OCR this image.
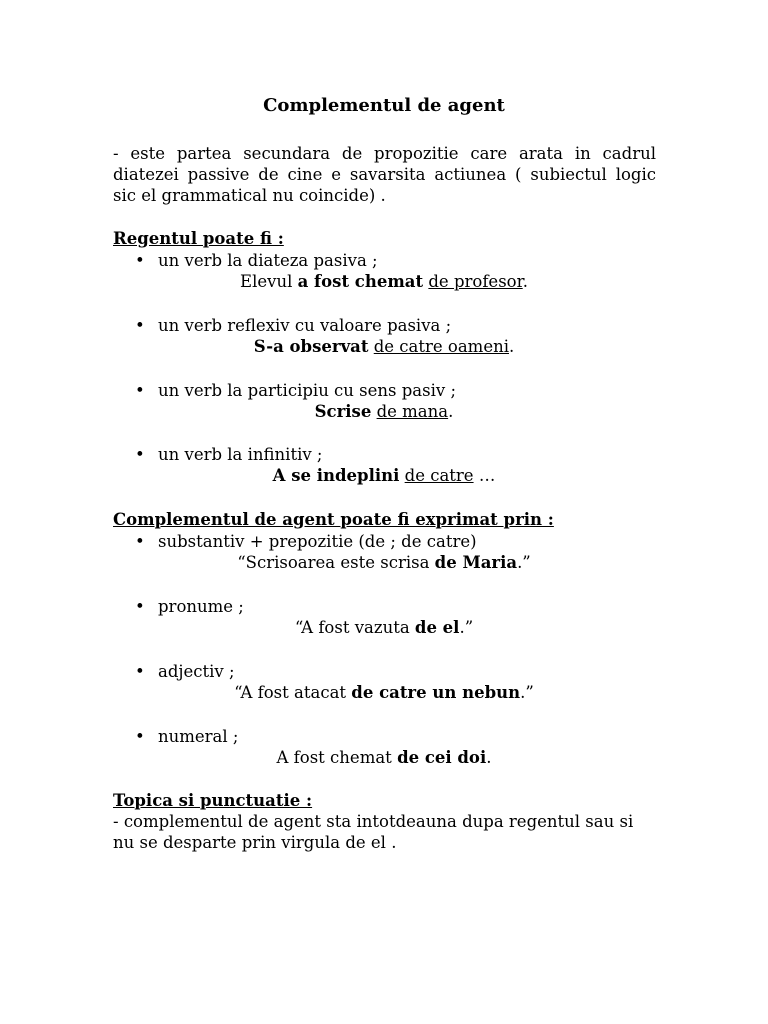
Complementul de agent
- este partea secundara de propozitie care arata in cadrul
diatezei passive de cine e savarsita actiunea ( subiectul logic
sic el grammatical nu coincide) .
Regentul poate fi :
• un verb la diateza pasiva ;
Elevul a fost chemat de profesor.
• un verb reflexiv cu valoare pasiva ;
S-a observat de catre oameni.
• un verb la participiu cu sens pasiv ;
Scrise de mana.
• un verb la infinitiv ;
A se indeplini de catre …
Complementul de agent poate fi exprimat prin :
• substantiv + prepozitie (de ; de catre)
“Scrisoarea este scrisa de Maria.”
• pronume ;
“A fost vazuta de el.”
• adjectiv ;
“A fost atacat de catre un nebun.”
• numeral ;
A fost chemat de cei doi.
Topica si punctuatie :
- complementul de agent sta intotdeauna dupa regentul sau si
nu se desparte prin virgula de el .
